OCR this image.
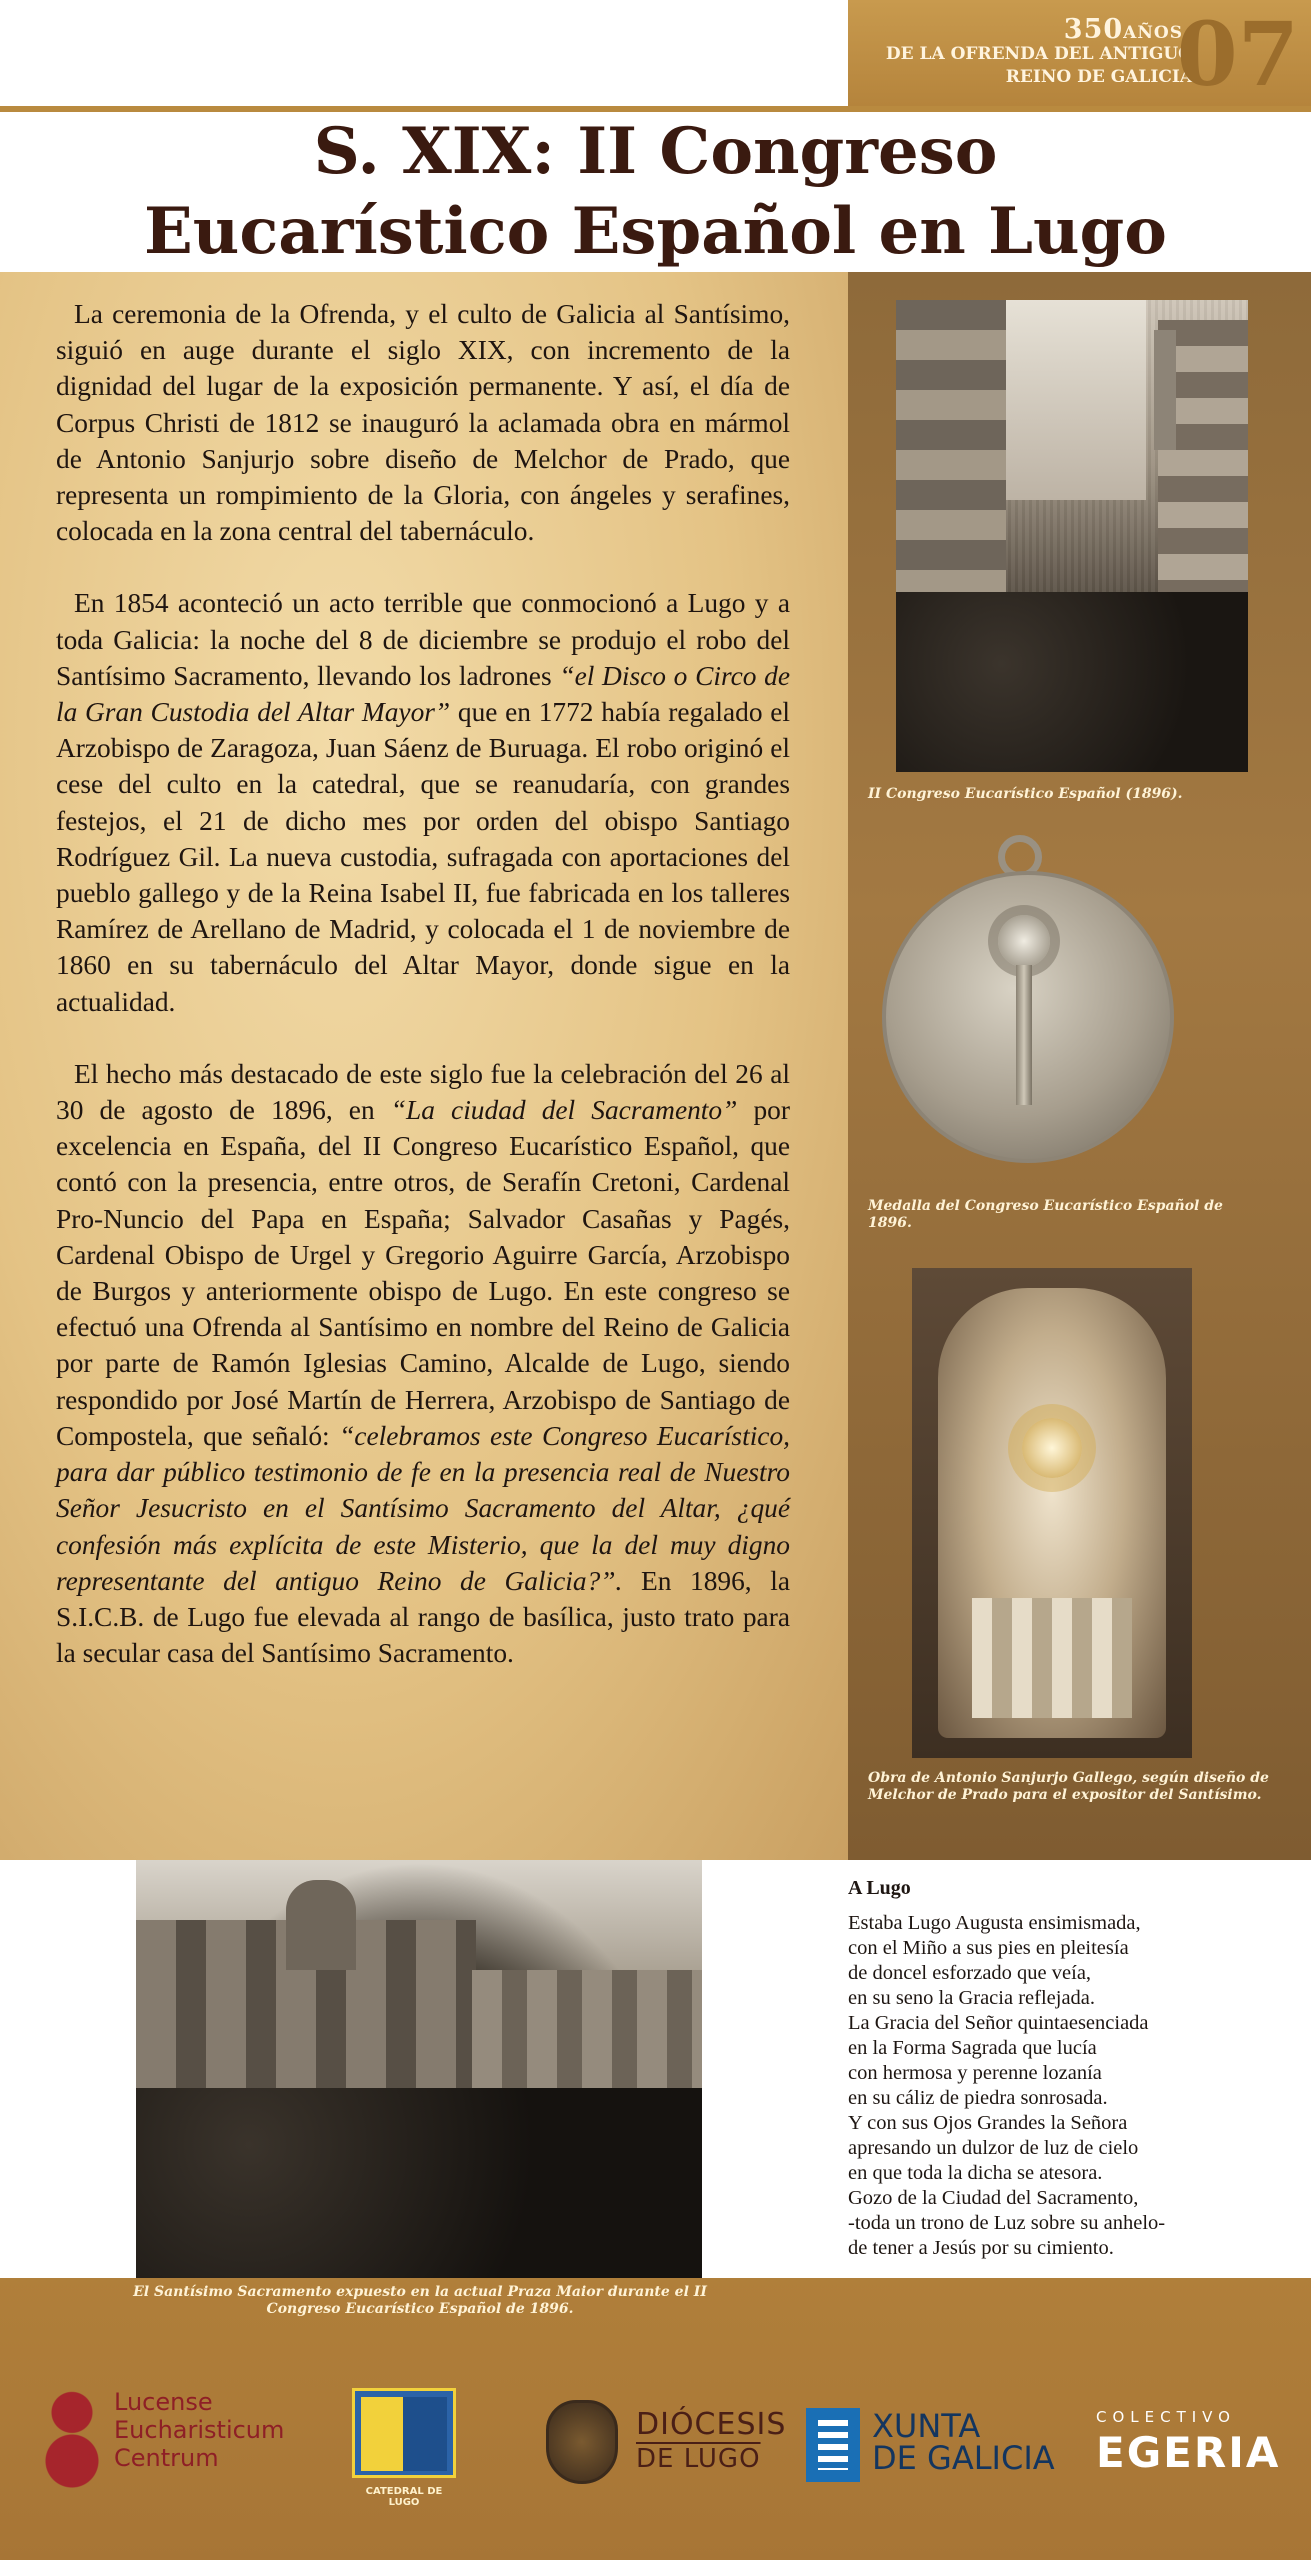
350AÑOS
DE LA OFRENDA DEL ANTIGUO
REINO DE GALICIA
07
S. XIX: II Congreso
Eucarístico Español en Lugo

La ceremonia de la Ofrenda, y el culto de Galicia al Santísimo, siguió en auge durante el siglo XIX, con incremento de la dignidad del lugar de la exposición permanente. Y así, el día de Corpus Christi de 1812 se inauguró la aclamada obra en mármol de Antonio Sanjurjo sobre diseño de Melchor de Prado, que representa un rompimiento de la Gloria, con ángeles y serafines, colocada en la zona central del tabernáculo.

En 1854 aconteció un acto terrible que conmocionó a Lugo y a toda Galicia: la noche del 8 de diciembre se produjo el robo del Santísimo Sacramento, llevando los ladrones “el Disco o Circo de la Gran Custodia del Altar Mayor” que en 1772 había regalado el Arzobispo de Zaragoza, Juan Sáenz de Buruaga. El robo originó el cese del culto en la catedral, que se reanudaría, con grandes festejos, el 21 de dicho mes por orden del obispo Santiago Rodríguez Gil. La nueva custodia, sufragada con aportaciones del pueblo gallego y de la Reina Isabel II, fue fabricada en los talleres Ramírez de Arellano de Madrid, y colocada el 1 de noviembre de 1860 en su tabernáculo del Altar Mayor, donde sigue en la actualidad.

El hecho más destacado de este siglo fue la celebración del 26 al 30 de agosto de 1896, en “La ciudad del Sacramento” por excelencia en España, del II Congreso Eucarístico Español, que contó con la presencia, entre otros, de Serafín Cretoni, Cardenal Pro-Nuncio del Papa en España; Salvador Casañas y Pagés, Cardenal Obispo de Urgel y Gregorio Aguirre García, Arzobispo de Burgos y anteriormente obispo de Lugo. En este congreso se efectuó una Ofrenda al Santísimo en nombre del Reino de Galicia por parte de Ramón Iglesias Camino, Alcalde de Lugo, siendo respondido por José Martín de Herrera, Arzobispo de Santiago de Compostela, que señaló: “celebramos este Congreso Eucarístico, para dar público testimonio de fe en la presencia real de Nuestro Señor Jesucristo en el Santísimo Sacramento del Altar, ¿qué confesión más explícita de este Misterio, que la del muy digno representante del antiguo Reino de Galicia?”. En 1896, la S.I.C.B. de Lugo fue elevada al rango de basílica, justo trato para la secular casa del Santísimo Sacramento.

II Congreso Eucarístico Español (1896).
Medalla del Congreso Eucarístico Español de 1896.
Obra de Antonio Sanjurjo Gallego, según diseño de Melchor de Prado para el expositor del Santísimo.
A Lugo
Estaba Lugo Augusta ensimismada,
con el Miño a sus pies en pleitesía
de doncel esforzado que veía,
en su seno la Gracia reflejada.
La Gracia del Señor quintaesenciada
en la Forma Sagrada que lucía
con hermosa y perenne lozanía
en su cáliz de piedra sonrosada.
Y con sus Ojos Grandes la Señora
apresando un dulzor de luz de cielo
en que toda la dicha se atesora.
Gozo de la Ciudad del Sacramento,
-toda un trono de Luz sobre su anhelo-
de tener a Jesús por su cimiento.
El Santísimo Sacramento expuesto en la actual Praza Maior durante el II Congreso Eucarístico Español de 1896.
Lucense
Eucharisticum
Centrum
CATEDRAL DE LUGO
DIÓCESIS
DE LUGO
XUNTA
DE GALICIA
COLECTIVO
EGERIA
